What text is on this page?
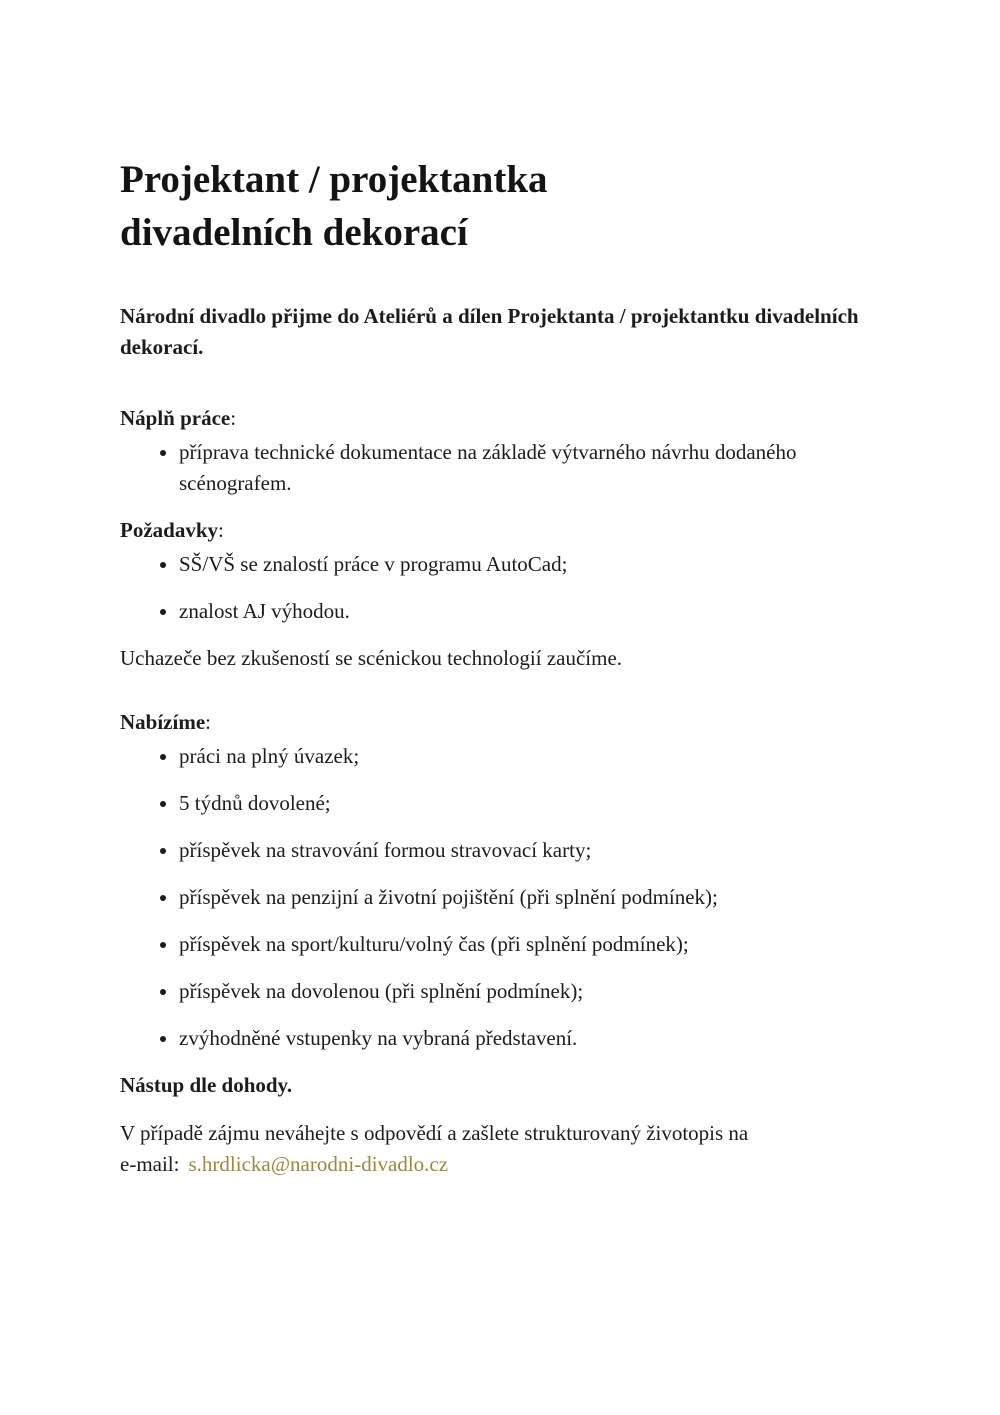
Projektant / projektantka
divadelních dekorací

Národní divadlo přijme do Ateliérů a dílen Projektanta / projektantku divadelních dekorací.

Náplň práce:

• příprava technické dokumentace na základě výtvarného návrhu dodaného scénografem.

Požadavky:

• SŠ/VŠ se znalostí práce v programu AutoCad;
• znalost AJ výhodou.

Uchazeče bez zkušeností se scénickou technologií zaučíme.

Nabízíme:

• práci na plný úvazek;
• 5 týdnů dovolené;
• příspěvek na stravování formou stravovací karty;
• příspěvek na penzijní a životní pojištění (při splnění podmínek);
• příspěvek na sport/kulturu/volný čas (při splnění podmínek);
• příspěvek na dovolenou (při splnění podmínek);
• zvýhodněné vstupenky na vybraná představení.

Nástup dle dohody.

V případě zájmu neváhejte s odpovědí a zašlete strukturovaný životopis na
e-mail: s.hrdlicka@narodni-divadlo.cz
